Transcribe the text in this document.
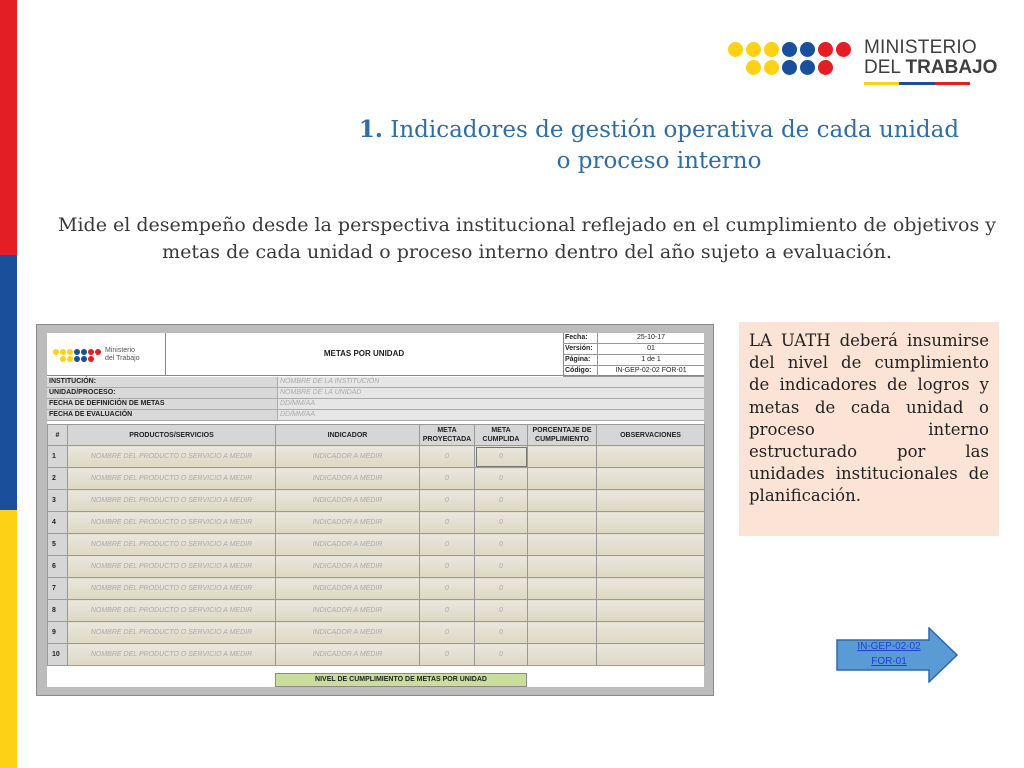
MINISTERIO
DEL TRABAJO
1. Indicadores de gestión operativa de cada unidad
o proceso interno
Mide el desempeño desde la perspectiva institucional reflejado en el cumplimiento de objetivos y metas de cada unidad o proceso interno dentro del año sujeto a evaluación.
Ministerio
del Trabajo
METAS POR UNIDAD
Fecha:	25-10-17
Versión:	01
Página:	1 de 1
Código:	IN-GEP-02-02 FOR-01
INSTITUCIÓN:	NOMBRE DE LA INSTITUCIÓN
UNIDAD/PROCESO:	NOMBRE DE LA UNIDAD
FECHA DE DEFINICIÓN DE METAS	DD/MM/AA
FECHA DE EVALUACIÓN	DD/MM/AA
#	PRODUCTOS/SERVICIOS	INDICADOR	META PROYECTADA	META CUMPLIDA	PORCENTAJE DE CUMPLIMIENTO	OBSERVACIONES
1	NOMBRE DEL PRODUCTO O SERVICIO A MEDIR	INDICADOR A MEDIR	0	0		
2	NOMBRE DEL PRODUCTO O SERVICIO A MEDIR	INDICADOR A MEDIR	0	0		
3	NOMBRE DEL PRODUCTO O SERVICIO A MEDIR	INDICADOR A MEDIR	0	0		
4	NOMBRE DEL PRODUCTO O SERVICIO A MEDIR	INDICADOR A MEDIR	0	0		
5	NOMBRE DEL PRODUCTO O SERVICIO A MEDIR	INDICADOR A MEDIR	0	0		
6	NOMBRE DEL PRODUCTO O SERVICIO A MEDIR	INDICADOR A MEDIR	0	0		
7	NOMBRE DEL PRODUCTO O SERVICIO A MEDIR	INDICADOR A MEDIR	0	0		
8	NOMBRE DEL PRODUCTO O SERVICIO A MEDIR	INDICADOR A MEDIR	0	0		
9	NOMBRE DEL PRODUCTO O SERVICIO A MEDIR	INDICADOR A MEDIR	0	0		
10	NOMBRE DEL PRODUCTO O SERVICIO A MEDIR	INDICADOR A MEDIR	0	0		
NIVEL DE CUMPLIMIENTO DE METAS POR UNIDAD
LA UATH deberá insumirse del nivel de cumplimiento de indicadores de logros y metas de cada unidad o proceso interno estructurado por las unidades institucionales de planificación.
IN-GEP-02-02
FOR-01
